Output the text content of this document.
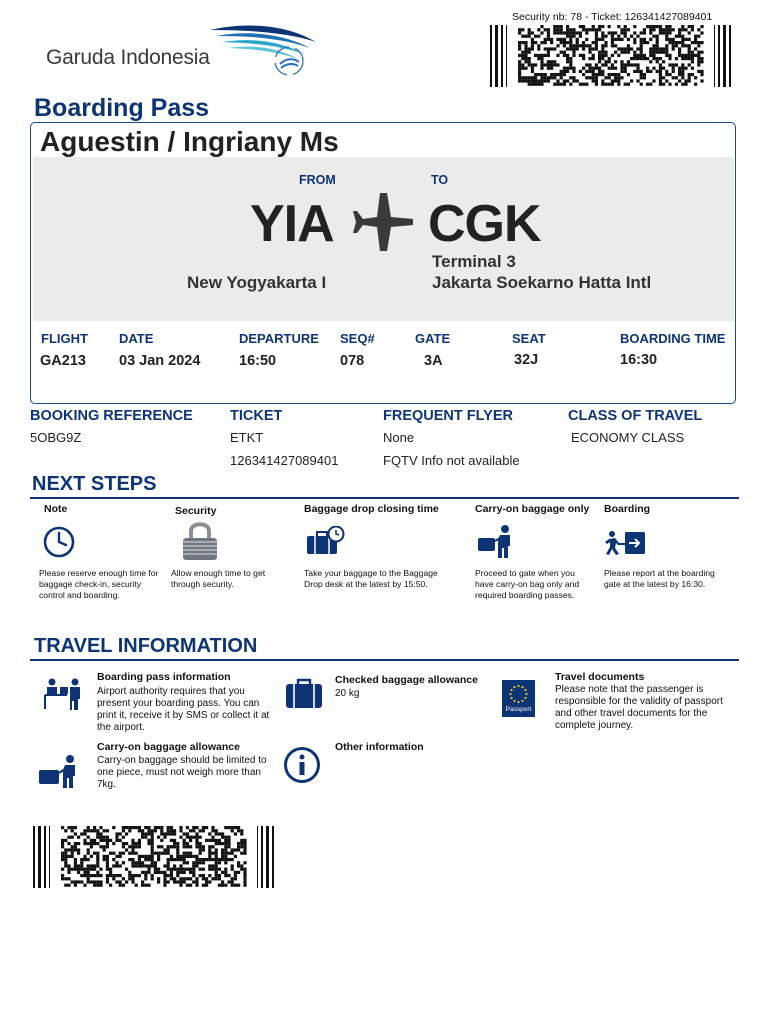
Garuda Indonesia
Security nb: 78 - Ticket: 126341427089401
Boarding Pass
Aguestin / Ingriany Ms
FROM	TO
YIA CGK
Terminal 3
New Yogyakarta I	Jakarta Soekarno Hatta Intl
FLIGHT
GA213
DATE
03 Jan 2024
DEPARTURE
16:50
SEQ#
078
GATE
3A
SEAT
32J
BOARDING TIME
16:30
BOOKING REFERENCE
5OBG9Z
TICKET
ETKT
126341427089401
FREQUENT FLYER
None
FQTV Info not available
CLASS OF TRAVEL
ECONOMY CLASS
NEXT STEPS
Note
Please reserve enough time for baggage check-in, security control and boarding.
Security
Allow enough time to get through security.
Baggage drop closing time
Take your baggage to the Baggage Drop desk at the latest by 15:50.
Carry-on baggage only
Proceed to gate when you have carry-on bag only and required boarding passes.
Boarding
Please report at the boarding gate at the latest by 16:30.
TRAVEL INFORMATION
Boarding pass information
Airport authority requires that you present your boarding pass. You can print it, receive it by SMS or collect it at the airport.
Checked baggage allowance
20 kg
Passport
Travel documents
Please note that the passenger is responsible for the validity of passport and other travel documents for the complete journey.
Carry-on baggage allowance
Carry-on baggage should be limited to one piece, must not weigh more than 7kg.
Other information
